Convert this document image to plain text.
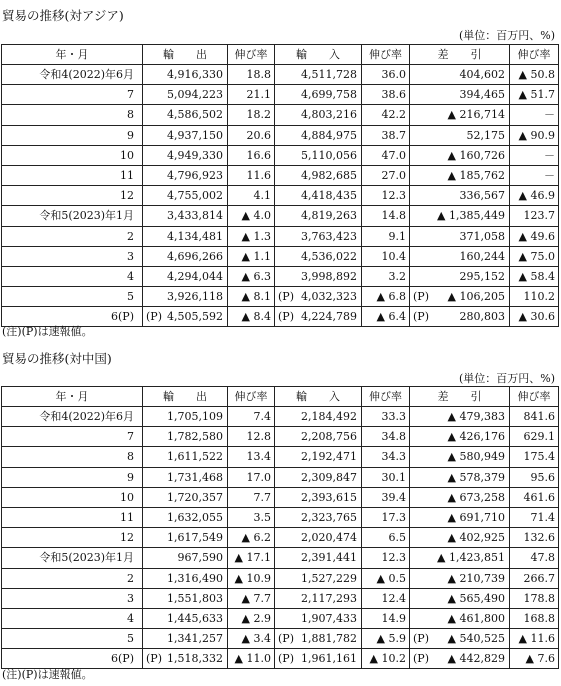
貿易の推移(対アジア)
(単位：百万円、%)
年・月	輸　　出		伸び率	輸　　入		伸び率	差　　引		伸び率
令和4(2022)年6月		4,916,330	18.8		4,511,728	36.0		404,602	▲ 50.8
7		5,094,223	21.1		4,699,758	38.6		394,465	▲ 51.7
8		4,586,502	18.2		4,803,216	42.2		▲ 216,714	－
9		4,937,150	20.6		4,884,975	38.7		52,175	▲ 90.9
10		4,949,330	16.6		5,110,056	47.0		▲ 160,726	－
11		4,796,923	11.6		4,982,685	27.0		▲ 185,762	－
12		4,755,002	4.1		4,418,435	12.3		336,567	▲ 46.9
令和5(2023)年1月		3,433,814	▲ 4.0		4,819,263	14.8		▲ 1,385,449	123.7
2		4,134,481	▲ 1.3		3,763,423	9.1		371,058	▲ 49.6
3		4,696,266	▲ 1.1		4,536,022	10.4		160,244	▲ 75.0
4		4,294,044	▲ 6.3		3,998,892	3.2		295,152	▲ 58.4
5		3,926,118	▲ 8.1	(P)	4,032,323	▲ 6.8	(P)	▲ 106,205	110.2
6(P)	(P)	4,505,592	▲ 8.4	(P)	4,224,789	▲ 6.4	(P)	280,803	▲ 30.6
(注)(P)は速報値。
貿易の推移(対中国)
(単位：百万円、%)
年・月	輸　　出		伸び率	輸　　入		伸び率	差　　引		伸び率
令和4(2022)年6月		1,705,109	7.4		2,184,492	33.3		▲ 479,383	841.6
7		1,782,580	12.8		2,208,756	34.8		▲ 426,176	629.1
8		1,611,522	13.4		2,192,471	34.3		▲ 580,949	175.4
9		1,731,468	17.0		2,309,847	30.1		▲ 578,379	95.6
10		1,720,357	7.7		2,393,615	39.4		▲ 673,258	461.6
11		1,632,055	3.5		2,323,765	17.3		▲ 691,710	71.4
12		1,617,549	▲ 6.2		2,020,474	6.5		▲ 402,925	132.6
令和5(2023)年1月		967,590	▲ 17.1		2,391,441	12.3		▲ 1,423,851	47.8
2		1,316,490	▲ 10.9		1,527,229	▲ 0.5		▲ 210,739	266.7
3		1,551,803	▲ 7.7		2,117,293	12.4		▲ 565,490	178.8
4		1,445,633	▲ 2.9		1,907,433	14.9		▲ 461,800	168.8
5		1,341,257	▲ 3.4	(P)	1,881,782	▲ 5.9	(P)	▲ 540,525	▲ 11.6
6(P)	(P)	1,518,332	▲ 11.0	(P)	1,961,161	▲ 10.2	(P)	▲ 442,829	▲ 7.6
(注)(P)は速報値。
